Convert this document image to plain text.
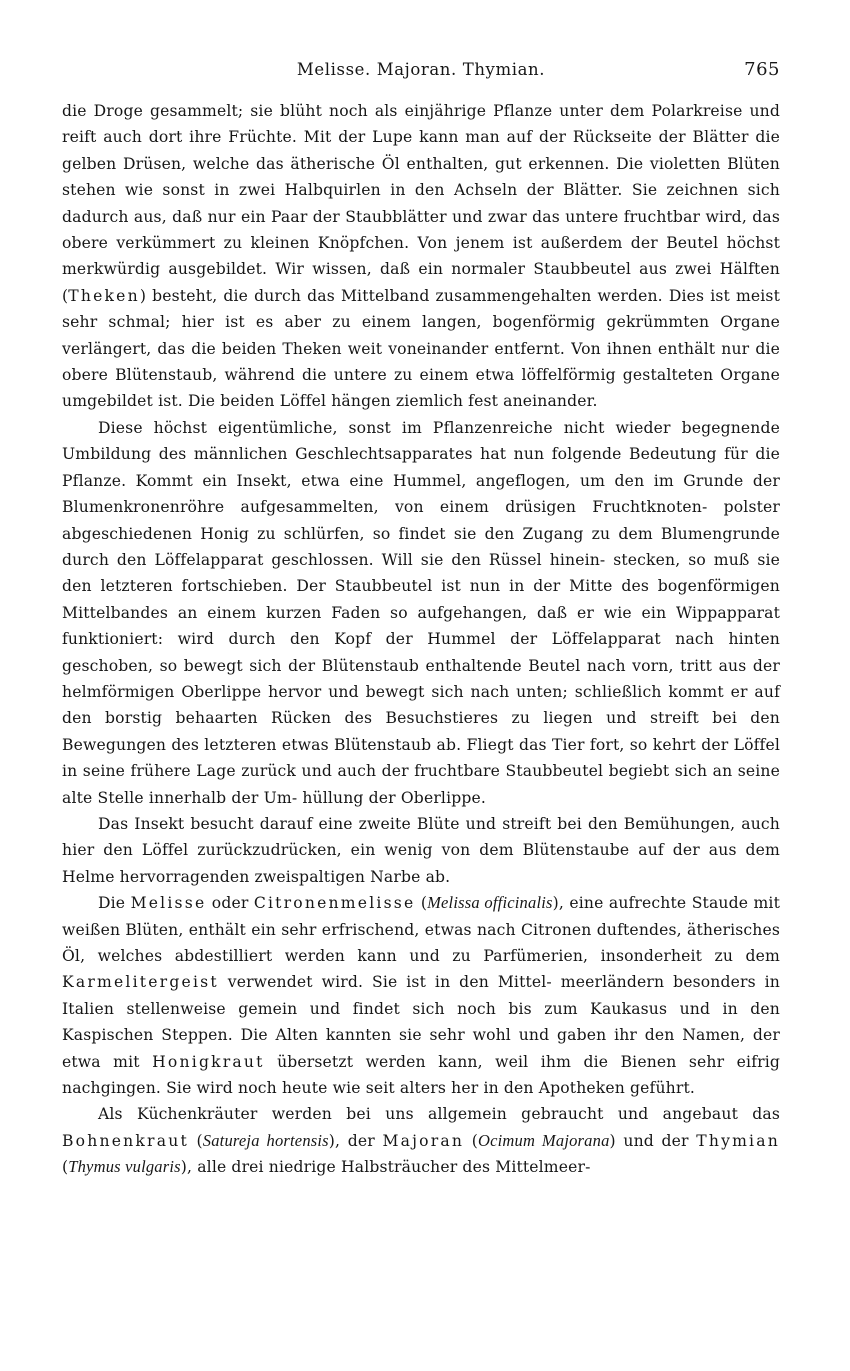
Melisse. Majoran. Thymian.	765

die Droge gesammelt; sie blüht noch als einjährige Pflanze unter dem Polarkreise und reift auch dort ihre Früchte. Mit der Lupe kann man auf der Rückseite der Blätter die gelben Drüsen, welche das ätherische Öl enthalten, gut erkennen. Die violetten Blüten stehen wie sonst in zwei Halbquirlen in den Achseln der Blätter. Sie zeichnen sich dadurch aus, daß nur ein Paar der Staubblätter und zwar das untere fruchtbar wird, das obere verkümmert zu kleinen Knöpfchen. Von jenem ist außerdem der Beutel höchst merkwürdig ausgebildet. Wir wissen, daß ein normaler Staubbeutel aus zwei Hälften (Theken) besteht, die durch das Mittelband zusammengehalten werden. Dies ist meist sehr schmal; hier ist es aber zu einem langen, bogenförmig gekrümmten Organe verlängert, das die beiden Theken weit voneinander entfernt. Von ihnen enthält nur die obere Blütenstaub, während die untere zu einem etwa löffelförmig gestalteten Organe umgebildet ist. Die beiden Löffel hängen ziemlich fest aneinander.

Diese höchst eigentümliche, sonst im Pflanzenreiche nicht wieder begegnende Umbildung des männlichen Geschlechtsapparates hat nun folgende Bedeutung für die Pflanze. Kommt ein Insekt, etwa eine Hummel, angeflogen, um den im Grunde der Blumenkronenröhre aufgesammelten, von einem drüsigen Fruchtknoten‑ polster abgeschiedenen Honig zu schlürfen, so findet sie den Zugang zu dem Blumengrunde durch den Löffelapparat geschlossen. Will sie den Rüssel hinein‑ stecken, so muß sie den letzteren fortschieben. Der Staubbeutel ist nun in der Mitte des bogenförmigen Mittelbandes an einem kurzen Faden so aufgehangen, daß er wie ein Wippapparat funktioniert: wird durch den Kopf der Hummel der Löffelapparat nach hinten geschoben, so bewegt sich der Blütenstaub enthaltende Beutel nach vorn, tritt aus der helmförmigen Oberlippe hervor und bewegt sich nach unten; schließlich kommt er auf den borstig behaarten Rücken des Besuchstieres zu liegen und streift bei den Bewegungen des letzteren etwas Blütenstaub ab. Fliegt das Tier fort, so kehrt der Löffel in seine frühere Lage zurück und auch der fruchtbare Staubbeutel begiebt sich an seine alte Stelle innerhalb der Um‑ hüllung der Oberlippe.

Das Insekt besucht darauf eine zweite Blüte und streift bei den Bemühungen, auch hier den Löffel zurückzudrücken, ein wenig von dem Blütenstaube auf der aus dem Helme hervorragenden zweispaltigen Narbe ab.

Die Melisse oder Citronenmelisse (Melissa officinalis), eine aufrechte Staude mit weißen Blüten, enthält ein sehr erfrischend, etwas nach Citronen duftendes, ätherisches Öl, welches abdestilliert werden kann und zu Parfümerien, insonderheit zu dem Karmelitergeist verwendet wird. Sie ist in den Mittel‑ meerländern besonders in Italien stellenweise gemein und findet sich noch bis zum Kaukasus und in den Kaspischen Steppen. Die Alten kannten sie sehr wohl und gaben ihr den Namen, der etwa mit Honigkraut übersetzt werden kann, weil ihm die Bienen sehr eifrig nachgingen. Sie wird noch heute wie seit alters her in den Apotheken geführt.

Als Küchenkräuter werden bei uns allgemein gebraucht und angebaut das Bohnenkraut (Satureja hortensis), der Majoran (Ocimum Majorana) und der Thymian (Thymus vulgaris), alle drei niedrige Halbsträucher des Mittelmeer‑
